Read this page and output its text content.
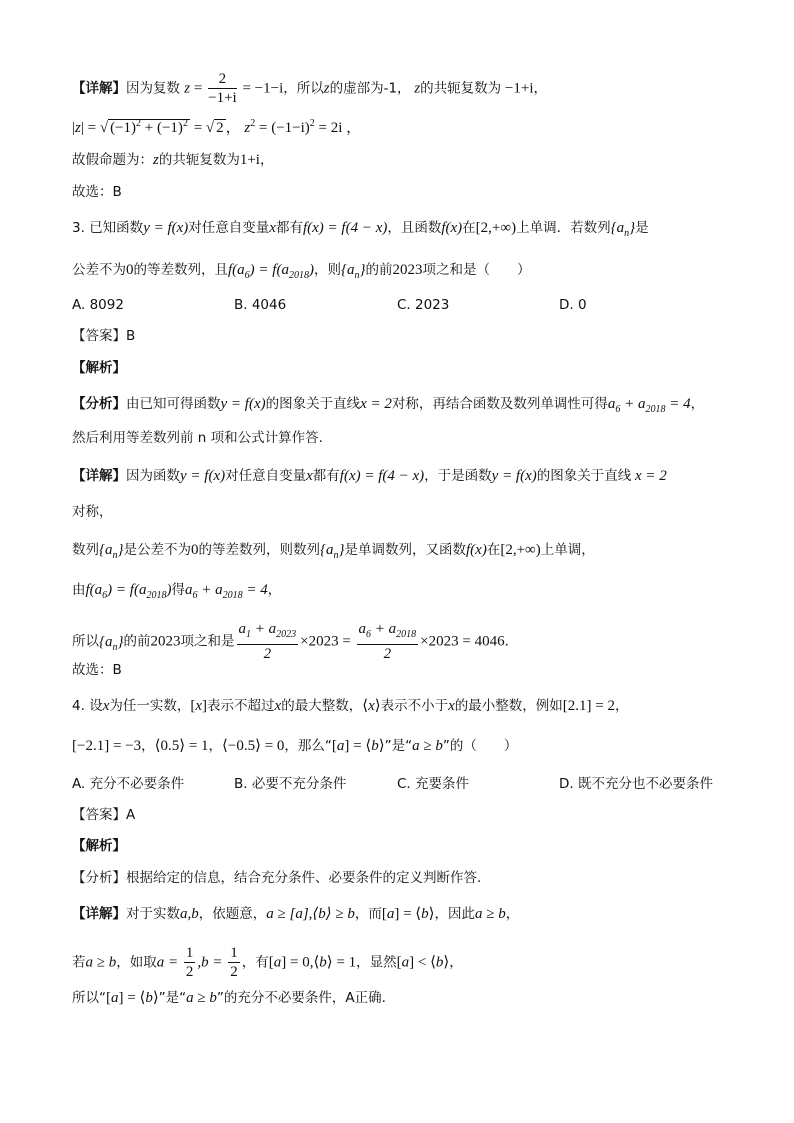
【详解】因为复数 $z = \frac{2}{-1+i} = -1-i$，所以z的虚部为-1， z的共轭复数为 −1+i，
|z| = √ $(-1)^2 + (-1)^2$ = √ 2 ， $z^2 = (-1-i)^2 = 2i$ ，
故假命题为：z的共轭复数为1+i，
故选：B
3. 已知函数y = f(x)对任意自变量x都有f(x) = f(4 − x)，且函数f(x)在[2,+∞)上单调．若数列$\{a_n\}$是
公差不为0的等差数列，且$f(a_6) = f(a_{2018})$，则$\{a_n\}$的前2023项之和是（　　）
A. 8092	B. 4046	C. 2023	D. 0
【答案】B
【解析】
【分析】由已知可得函数y = f(x)的图象关于直线x = 2对称，再结合函数及数列单调性可得$a_6 + a_{2018} = 4$，
然后利用等差数列前 n 项和公式计算作答.
【详解】因为函数y = f(x)对任意自变量x都有f(x) = f(4 − x)，于是函数y = f(x)的图象关于直线 x = 2
对称，
数列$\{a_n\}$是公差不为0的等差数列，则数列$\{a_n\}$是单调数列，又函数f(x)在[2,+∞)上单调，
由$f(a_6) = f(a_{2018})$得$a_6 + a_{2018} = 4$，
所以$\{a_n\}$的前2023项之和是 $\frac{a_1 + a_{2023}}{2} \times 2023 = \frac{a_6 + a_{2018}}{2} \times 2023 = 4046$.
故选：B
4. 设x为任一实数，[x]表示不超过x的最大整数，⟨x⟩表示不小于x的最小整数，例如[2.1] = 2，
[−2.1] = −3，⟨0.5⟩ = 1，⟨−0.5⟩ = 0，那么“[a] = ⟨b⟩”是“a ≥ b”的（　　）
A. 充分不必要条件	B. 必要不充分条件	C. 充要条件	D. 既不充分也不必要条件
【答案】A
【解析】
【分析】根据给定的信息，结合充分条件、必要条件的定义判断作答.
【详解】对于实数a,b，依题意，a ≥ [a],⟨b⟩ ≥ b，而[a] = ⟨b⟩，因此a ≥ b，
若a ≥ b，如取$a = \frac{1}{2} ,b = \frac{1}{2}$ ，有[a] = 0,⟨b⟩ = 1，显然[a] < ⟨b⟩，
所以“[a] = ⟨b⟩”是“a ≥ b”的充分不必要条件，A正确.
